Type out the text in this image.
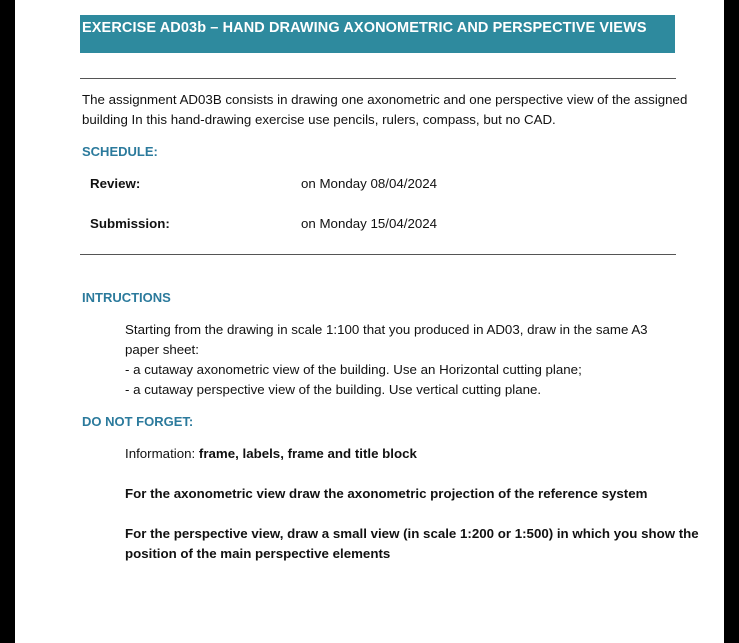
EXERCISE AD03b – HAND DRAWING AXONOMETRIC AND PERSPECTIVE VIEWS
The assignment AD03B consists in drawing one axonometric and one perspective view of the assigned
building In this hand-drawing exercise use pencils, rulers, compass, but no CAD.
SCHEDULE:
Review:	on Monday 08/04/2024
Submission:	on Monday 15/04/2024
INTRUCTIONS
Starting from the drawing in scale 1:100 that you produced in AD03, draw in the same A3
paper sheet:
- a cutaway axonometric view of the building. Use an Horizontal cutting plane;
- a cutaway perspective view of the building. Use vertical cutting plane.
DO NOT FORGET:
Information: frame, labels, frame and title block
For the axonometric view draw the axonometric projection of the reference system
For the perspective view, draw a small view (in scale 1:200 or 1:500) in which you show the
position of the main perspective elements
